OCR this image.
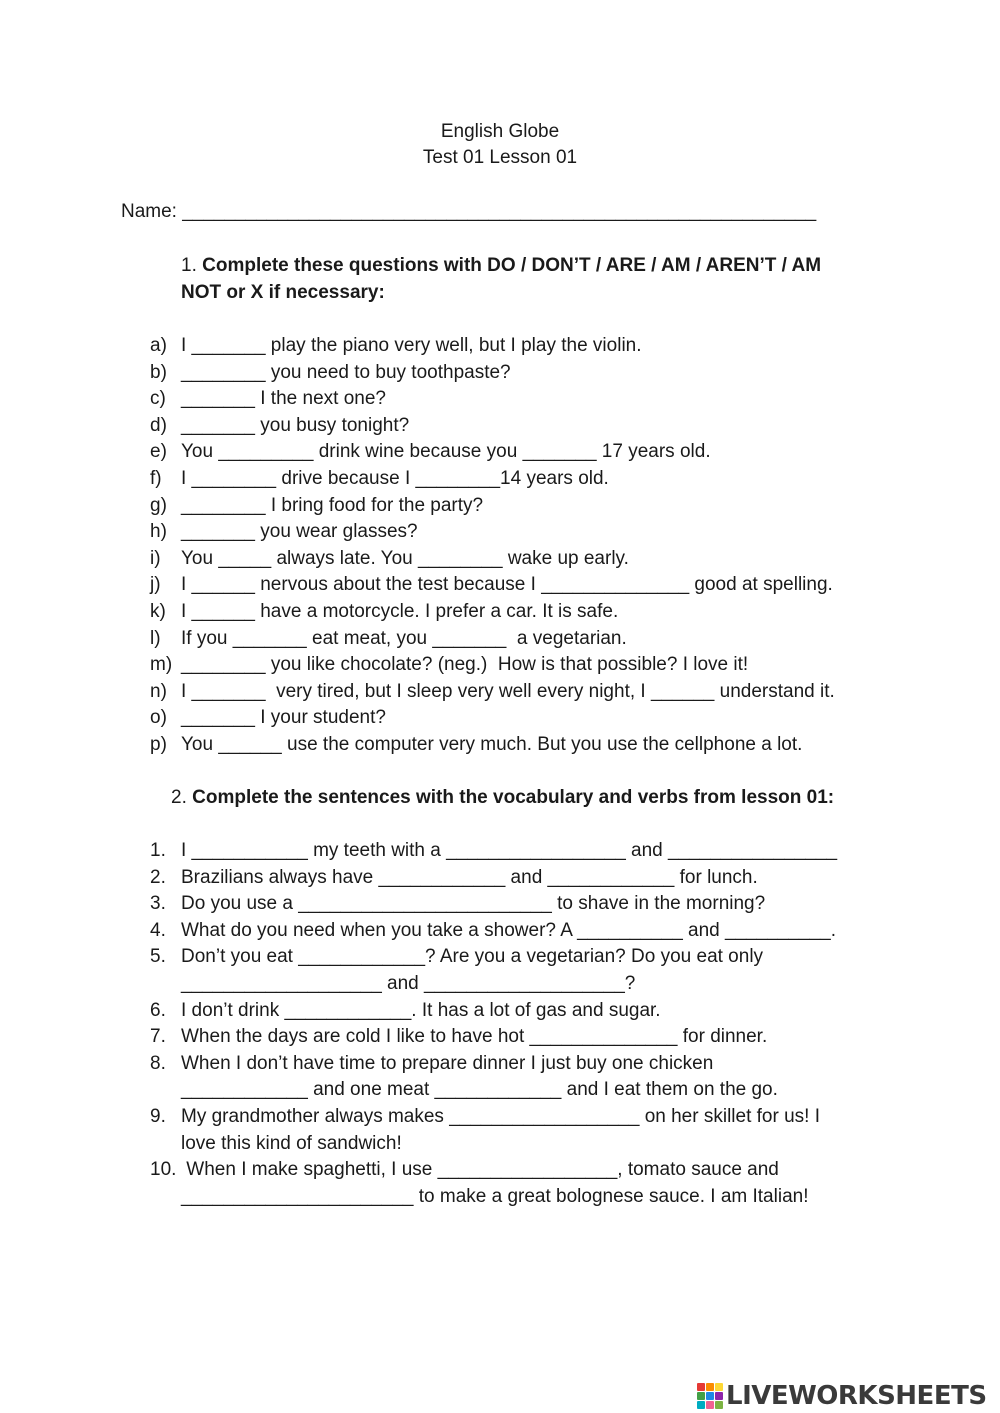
English Globe
Test 01 Lesson 01
Name: ____________________________________________________________
1. Complete these questions with DO / DON’T / ARE / AM / AREN’T / AM
NOT or X if necessary:
a) I _______ play the piano very well, but I play the violin.
b) ________ you need to buy toothpaste?
c) _______ I the next one?
d) _______ you busy tonight?
e) You _________ drink wine because you _______ 17 years old.
f) I ________ drive because I ________14 years old.
g) ________ I bring food for the party?
h) _______ you wear glasses?
i) You _____ always late. You ________ wake up early.
j) I ______ nervous about the test because I ______________ good at spelling.
k) I ______ have a motorcycle. I prefer a car. It is safe.
l) If you _______ eat meat, you _______  a vegetarian.
m) ________ you like chocolate? (neg.)  How is that possible? I love it!
n) I _______  very tired, but I sleep very well every night, I ______ understand it.
o) _______ I your student?
p) You ______ use the computer very much. But you use the cellphone a lot.
2. Complete the sentences with the vocabulary and verbs from lesson 01:
1. I ___________ my teeth with a _________________ and ________________
2. Brazilians always have ____________ and ____________ for lunch.
3. Do you use a ________________________ to shave in the morning?
4. What do you need when you take a shower? A __________ and __________.
5. Don’t you eat ____________? Are you a vegetarian? Do you eat only
___________________ and ___________________?
6. I don’t drink ____________. It has a lot of gas and sugar.
7. When the days are cold I like to have hot ______________ for dinner.
8. When I don’t have time to prepare dinner I just buy one chicken
____________ and one meat ____________ and I eat them on the go.
9. My grandmother always makes __________________ on her skillet for us! I
love this kind of sandwich!
10. When I make spaghetti, I use _________________, tomato sauce and
______________________ to make a great bolognese sauce. I am Italian!
LIVEWORKSHEETS
